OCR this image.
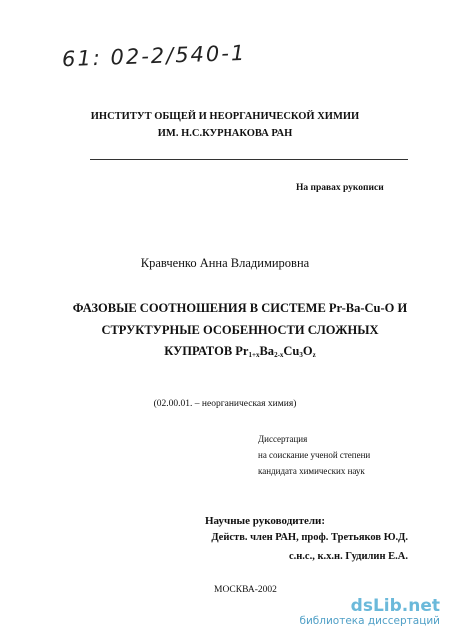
61: 02-2/540-1
ИНСТИТУТ ОБЩЕЙ И НЕОРГАНИЧЕСКОЙ ХИМИИ
ИМ. Н.С.КУРНАКОВА РАН
На правах рукописи
Кравченко Анна Владимировна
ФАЗОВЫЕ СООТНОШЕНИЯ В СИСТЕМЕ Pr-Ba-Cu-O И
СТРУКТУРНЫЕ ОСОБЕННОСТИ СЛОЖНЫХ
КУПРАТОВ $Pr_{1+x}Ba_{2-x}Cu_3O_z$
(02.00.01. – неорганическая химия)
Диссертация
на соискание ученой степени
кандидата химических наук
Научные руководители:
Действ. член РАН, проф. Третьяков Ю.Д.
с.н.с., к.х.н. Гудилин Е.А.
МОСКВА-2002
dsLib.net
библиотека диссертаций
